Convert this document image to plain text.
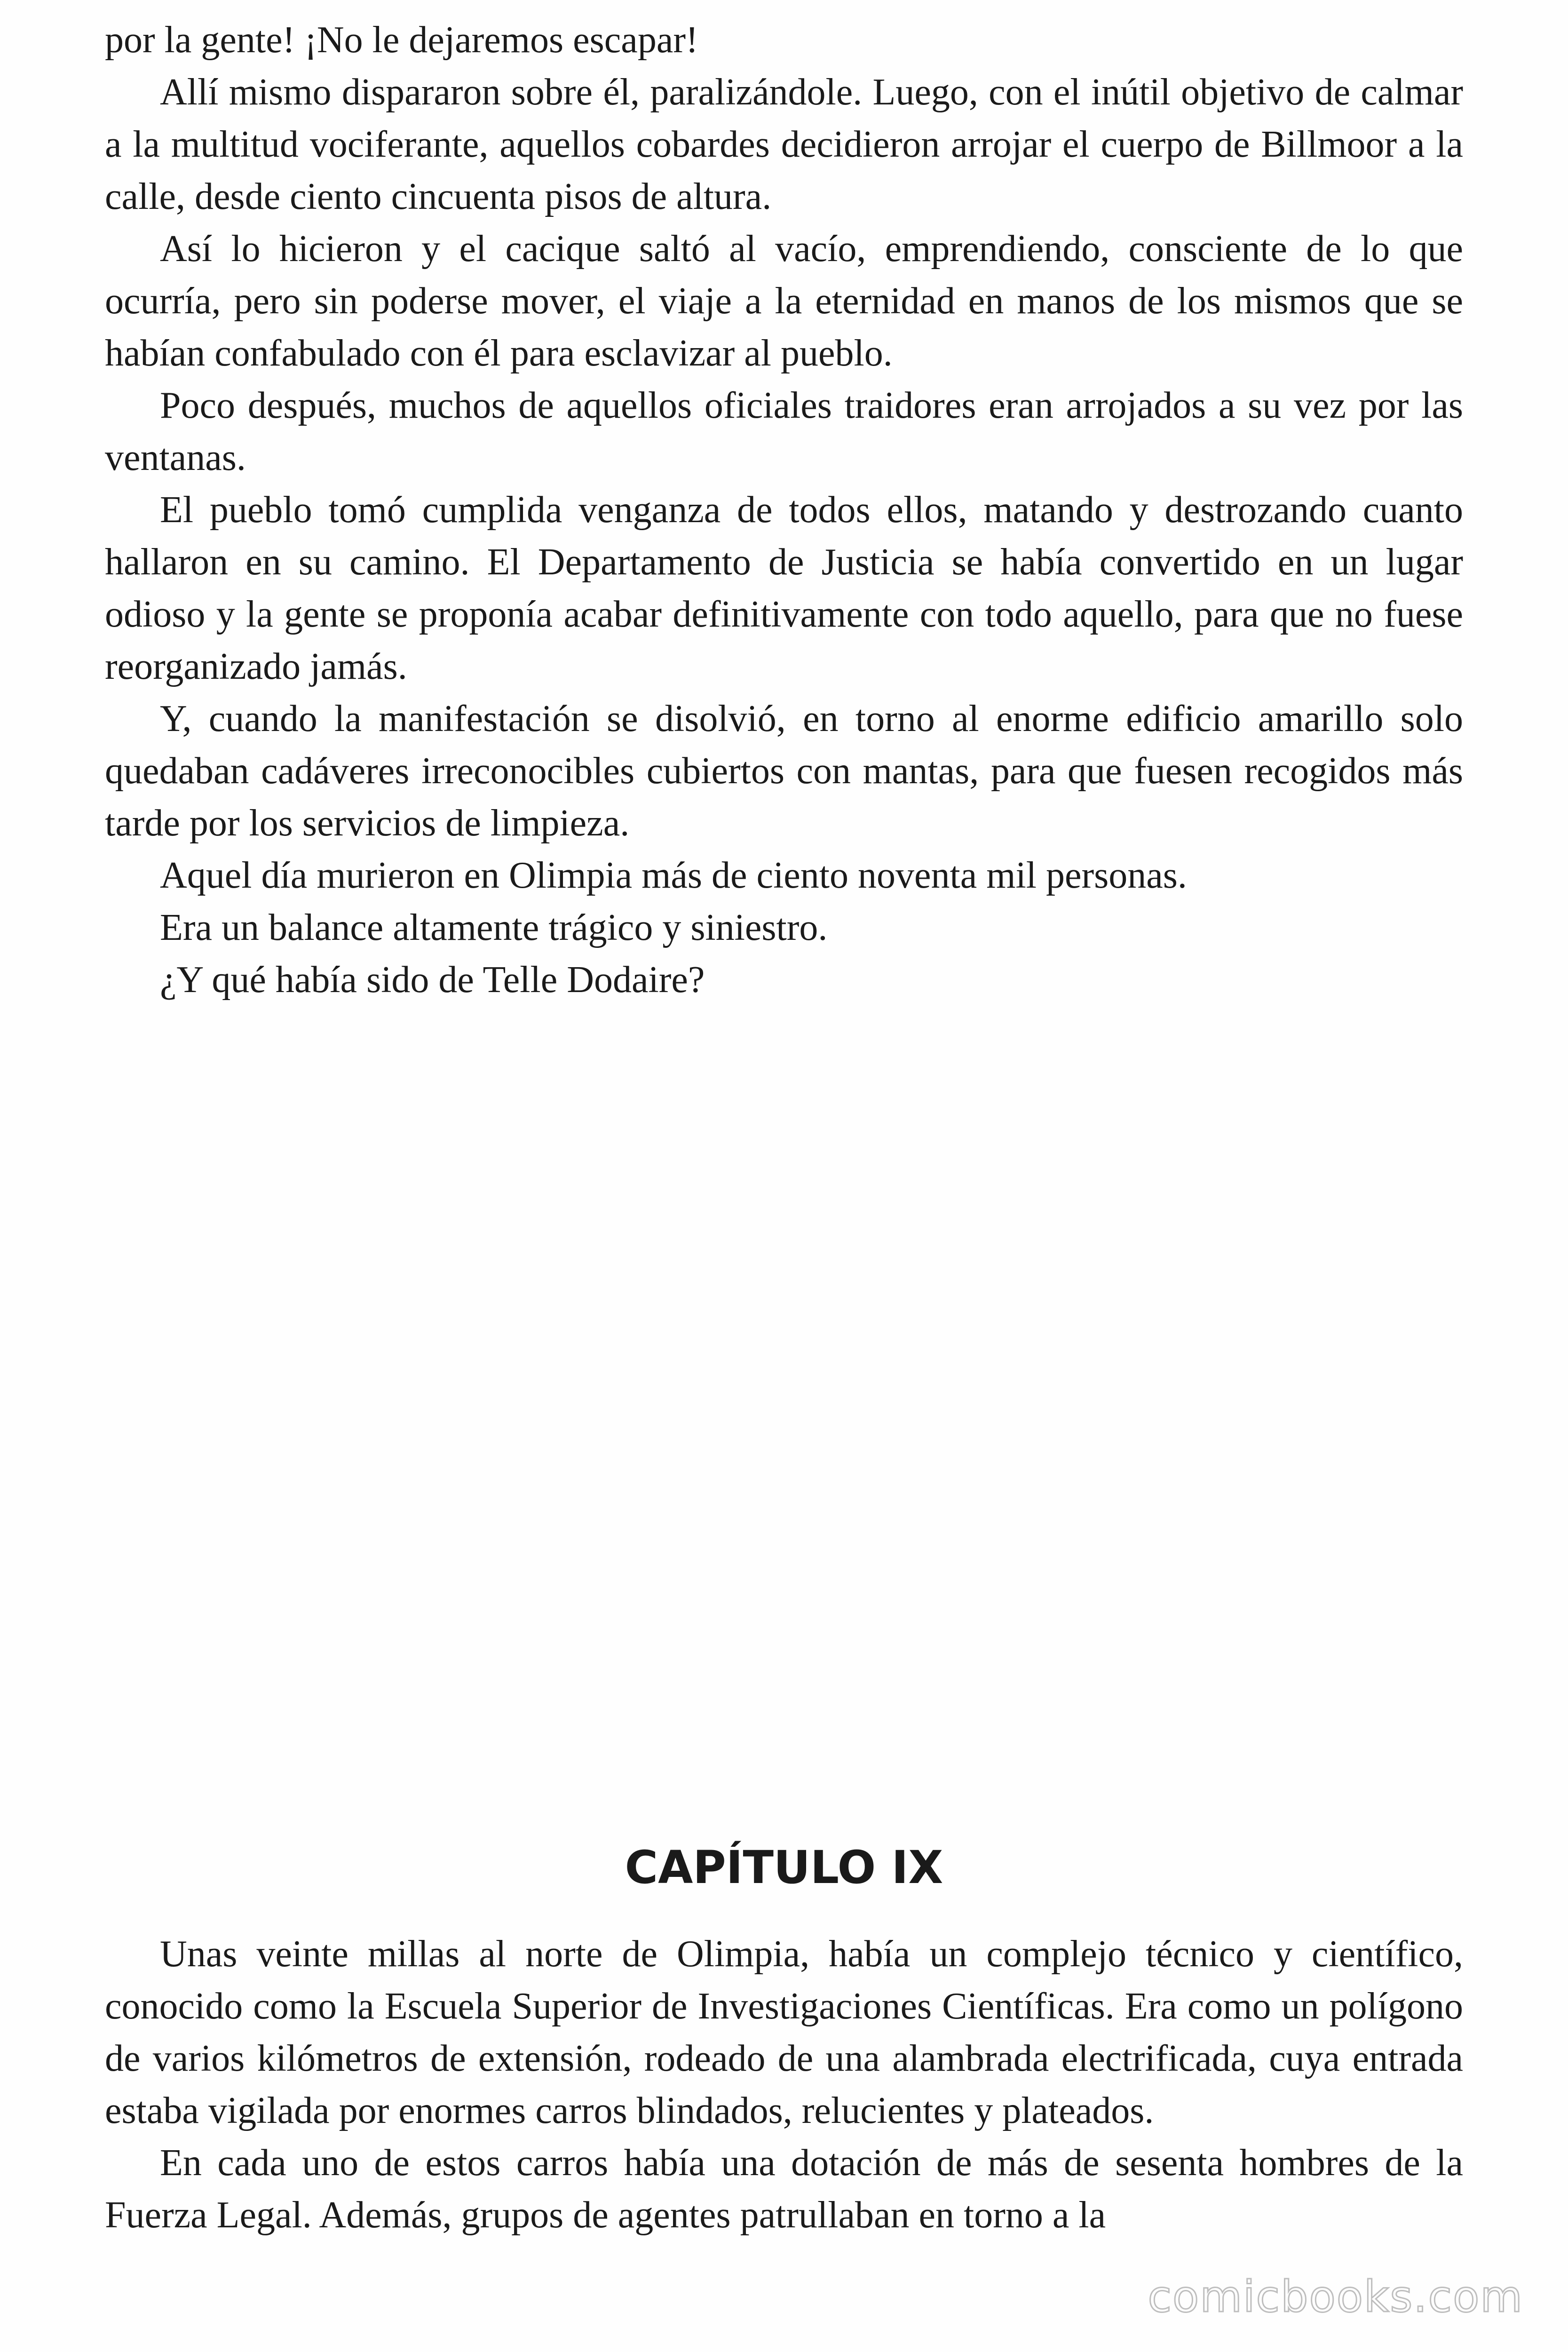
por la gente! ¡No le dejaremos escapar!

Allí mismo dispararon sobre él, paralizándole. Luego, con el inútil objetivo de calmar a la multitud vociferante, aquellos cobardes decidieron arrojar el cuerpo de Billmoor a la calle, desde ciento cincuenta pisos de altura.

Así lo hicieron y el cacique saltó al vacío, emprendiendo, consciente de lo que ocurría, pero sin poderse mover, el viaje a la eternidad en manos de los mismos que se habían confabulado con él para esclavizar al pueblo.

Poco después, muchos de aquellos oficiales traidores eran arrojados a su vez por las ventanas.

El pueblo tomó cumplida venganza de todos ellos, matando y destrozando cuanto hallaron en su camino. El Departamento de Justicia se había convertido en un lugar odioso y la gente se proponía acabar definitivamente con todo aquello, para que no fuese reorganizado jamás.

Y, cuando la manifestación se disolvió, en torno al enorme edificio amarillo solo quedaban cadáveres irreconocibles cubiertos con mantas, para que fuesen recogidos más tarde por los servicios de limpieza.

Aquel día murieron en Olimpia más de ciento noventa mil personas.

Era un balance altamente trágico y siniestro.

¿Y qué había sido de Telle Dodaire?

CAPÍTULO IX

Unas veinte millas al norte de Olimpia, había un complejo técnico y científico, conocido como la Escuela Superior de Investigaciones Científicas. Era como un polígono de varios kilómetros de extensión, rodeado de una alambrada electrificada, cuya entrada estaba vigilada por enormes carros blindados, relucientes y plateados.

En cada uno de estos carros había una dotación de más de sesenta hombres de la Fuerza Legal. Además, grupos de agentes patrullaban en torno a la

comicbooks.com
